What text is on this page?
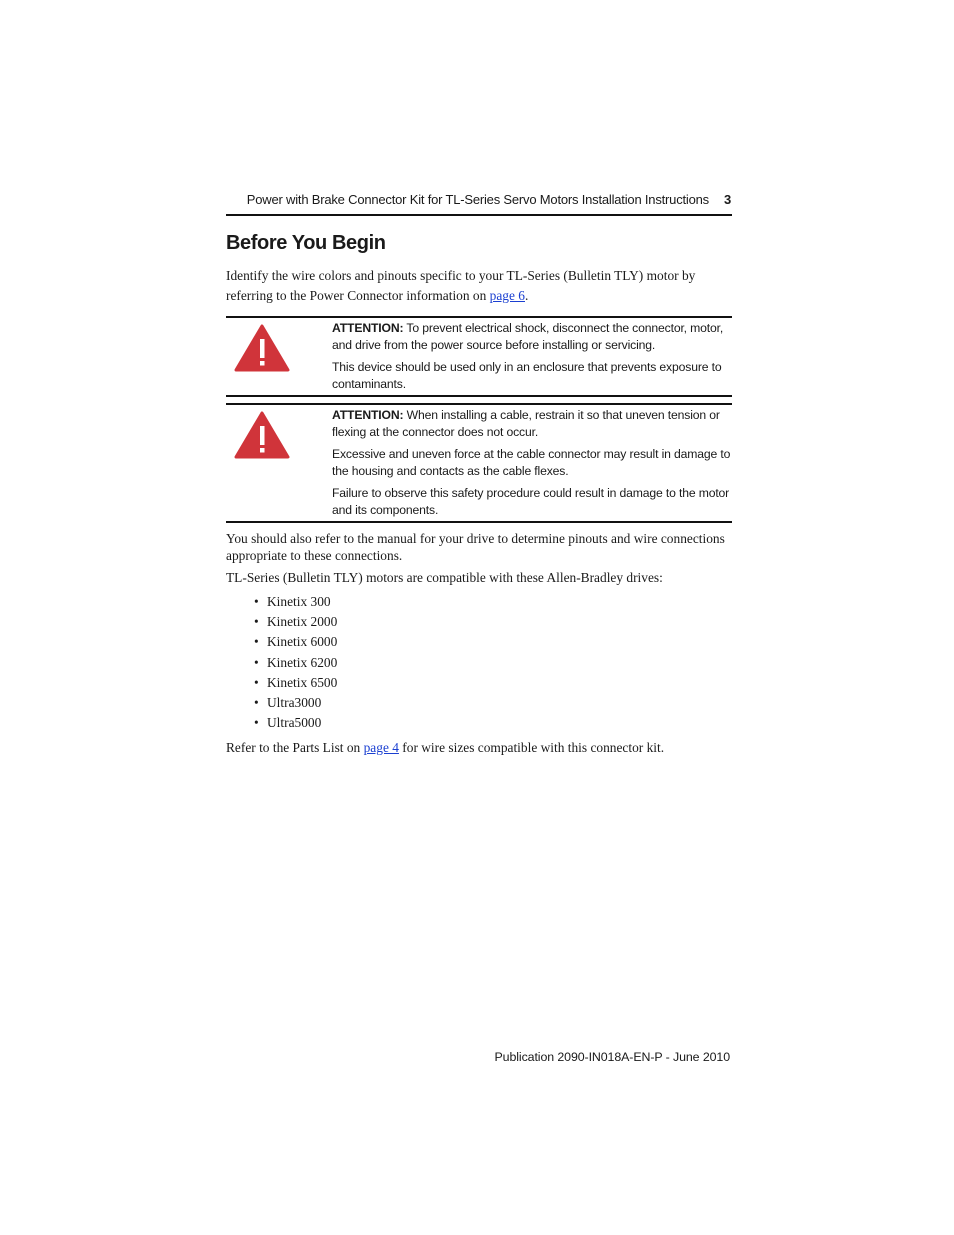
Power with Brake Connector Kit for TL-Series Servo Motors Installation Instructions 3
Before You Begin

Identify the wire colors and pinouts specific to your TL-Series (Bulletin TLY) motor by referring to the Power Connector information on page 6.

ATTENTION: To prevent electrical shock, disconnect the connector, motor, and drive from the power source before installing or servicing.

This device should be used only in an enclosure that prevents exposure to contaminants.

ATTENTION: When installing a cable, restrain it so that uneven tension or flexing at the connector does not occur.

Excessive and uneven force at the cable connector may result in damage to the housing and contacts as the cable flexes.

Failure to observe this safety procedure could result in damage to the motor and its components.

You should also refer to the manual for your drive to determine pinouts and wire connections appropriate to these connections.

TL-Series (Bulletin TLY) motors are compatible with these Allen-Bradley drives:

• Kinetix 300
• Kinetix 2000
• Kinetix 6000
• Kinetix 6200
• Kinetix 6500
• Ultra3000
• Ultra5000

Refer to the Parts List on page 4 for wire sizes compatible with this connector kit.

Publication 2090-IN018A-EN-P - June 2010
